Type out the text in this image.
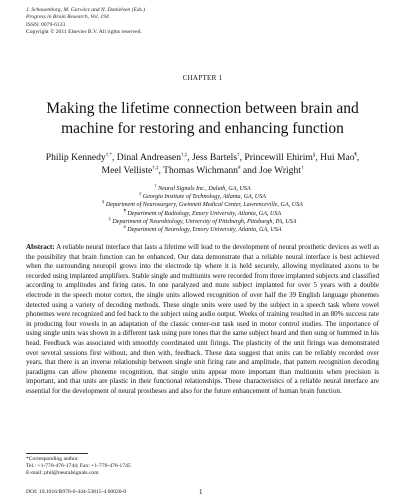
J. Schouenborg, M. Garwicz and N. Danielsen (Eds.)
Progress in Brain Research, Vol. 194
ISSN: 0079-6123
Copyright © 2011 Elsevier B.V. All rights reserved.
CHAPTER 1
Making the lifetime connection between brain and machine for restoring and enhancing function
Philip Kennedy†,*, Dinal Andreasen†,‡, Jess Bartels†, Princewill Ehirim§, Hui Mao¶,
Meel Velliste†,‡, Thomas Wichmann# and Joe Wright†
† Neural Signals Inc., Duluth, GA, USA
‡ Georgia Institute of Technology, Atlanta, GA, USA
§ Department of Neurosurgery, Gwinnett Medical Center, Lawrenceville, GA, USA
¶ Department of Radiology, Emory University, Atlanta, GA, USA
‡ Department of Neurobiology, University of Pittsburgh, Pittsburgh, PA, USA
# Department of Neurology, Emory University, Atlanta, GA, USA
Abstract: A reliable neural interface that lasts a lifetime will lead to the development of neural prosthetic devices as well as the possibility that brain function can be enhanced. Our data demonstrate that a reliable neural interface is best achieved when the surrounding neuropil grows into the electrode tip where it is held securely, allowing myelinated axons to be recorded using implanted amplifiers. Stable single and multiunits were recorded from three implanted subjects and classified according to amplitudes and firing rates. In one paralyzed and mute subject implanted for over 5 years with a double electrode in the speech motor cortex, the single units allowed recognition of over half the 39 English language phonemes detected using a variety of decoding methods. These single units were used by the subject in a speech task where vowel phonemes were recognized and fed back to the subject using audio output. Weeks of training resulted in an 80% success rate in producing four vowels in an adaptation of the classic center-out task used in motor control studies. The importance of using single units was shown in a different task using pure tones that the same subject heard and then sung or hummed in his head. Feedback was associated with smoothly coordinated unit firings. The plasticity of the unit firings was demonstrated over several sessions first without, and then with, feedback. These data suggest that units can be reliably recorded over years, that there is an inverse relationship between single unit firing rate and amplitude, that pattern recognition decoding paradigms can allow phoneme recognition, that single units appear more important than multiunits when precision is important, and that units are plastic in their functional relationships. These characteristics of a reliable neural interface are essential for the development of neural prostheses and also for the future enhancement of human brain function.
*Corresponding author.
Tel.: +1-770-476-1744; Fax: +1-770-476-1745
E-mail: phil@neuralsignals.com
DOI: 10.1016/B978-0-444-53815-4.00020-0	1
